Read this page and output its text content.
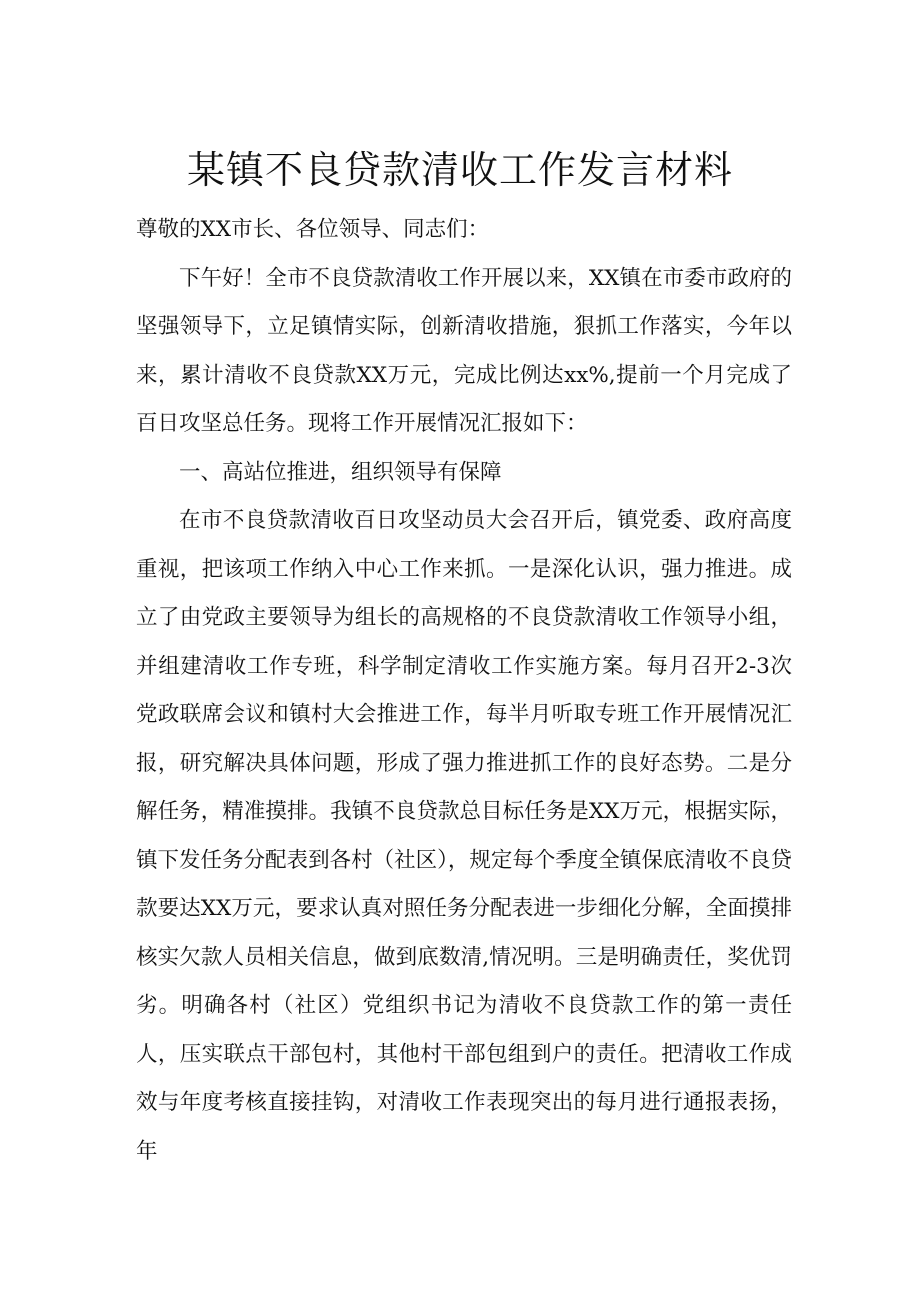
某镇不良贷款清收工作发言材料

尊敬的XX市长、各位领导、同志们：

下午好！全市不良贷款清收工作开展以来，XX镇在市委市政府的坚强领导下，立足镇情实际，创新清收措施，狠抓工作落实，今年以来，累计清收不良贷款XX万元，完成比例达xx%,提前一个月完成了百日攻坚总任务。现将工作开展情况汇报如下：

一、高站位推进，组织领导有保障

在市不良贷款清收百日攻坚动员大会召开后，镇党委、政府高度重视，把该项工作纳入中心工作来抓。一是深化认识，强力推进。成立了由党政主要领导为组长的高规格的不良贷款清收工作领导小组，并组建清收工作专班，科学制定清收工作实施方案。每月召开2-3次党政联席会议和镇村大会推进工作，每半月听取专班工作开展情况汇报，研究解决具体问题，形成了强力推进抓工作的良好态势。二是分解任务，精准摸排。我镇不良贷款总目标任务是XX万元，根据实际，镇下发任务分配表到各村（社区），规定每个季度全镇保底清收不良贷款要达XX万元，要求认真对照任务分配表进一步细化分解，全面摸排核实欠款人员相关信息，做到底数清,情况明。三是明确责任，奖优罚劣。明确各村（社区）党组织书记为清收不良贷款工作的第一责任人，压实联点干部包村，其他村干部包组到户的责任。把清收工作成效与年度考核直接挂钩，对清收工作表现突出的每月进行通报表扬，年
